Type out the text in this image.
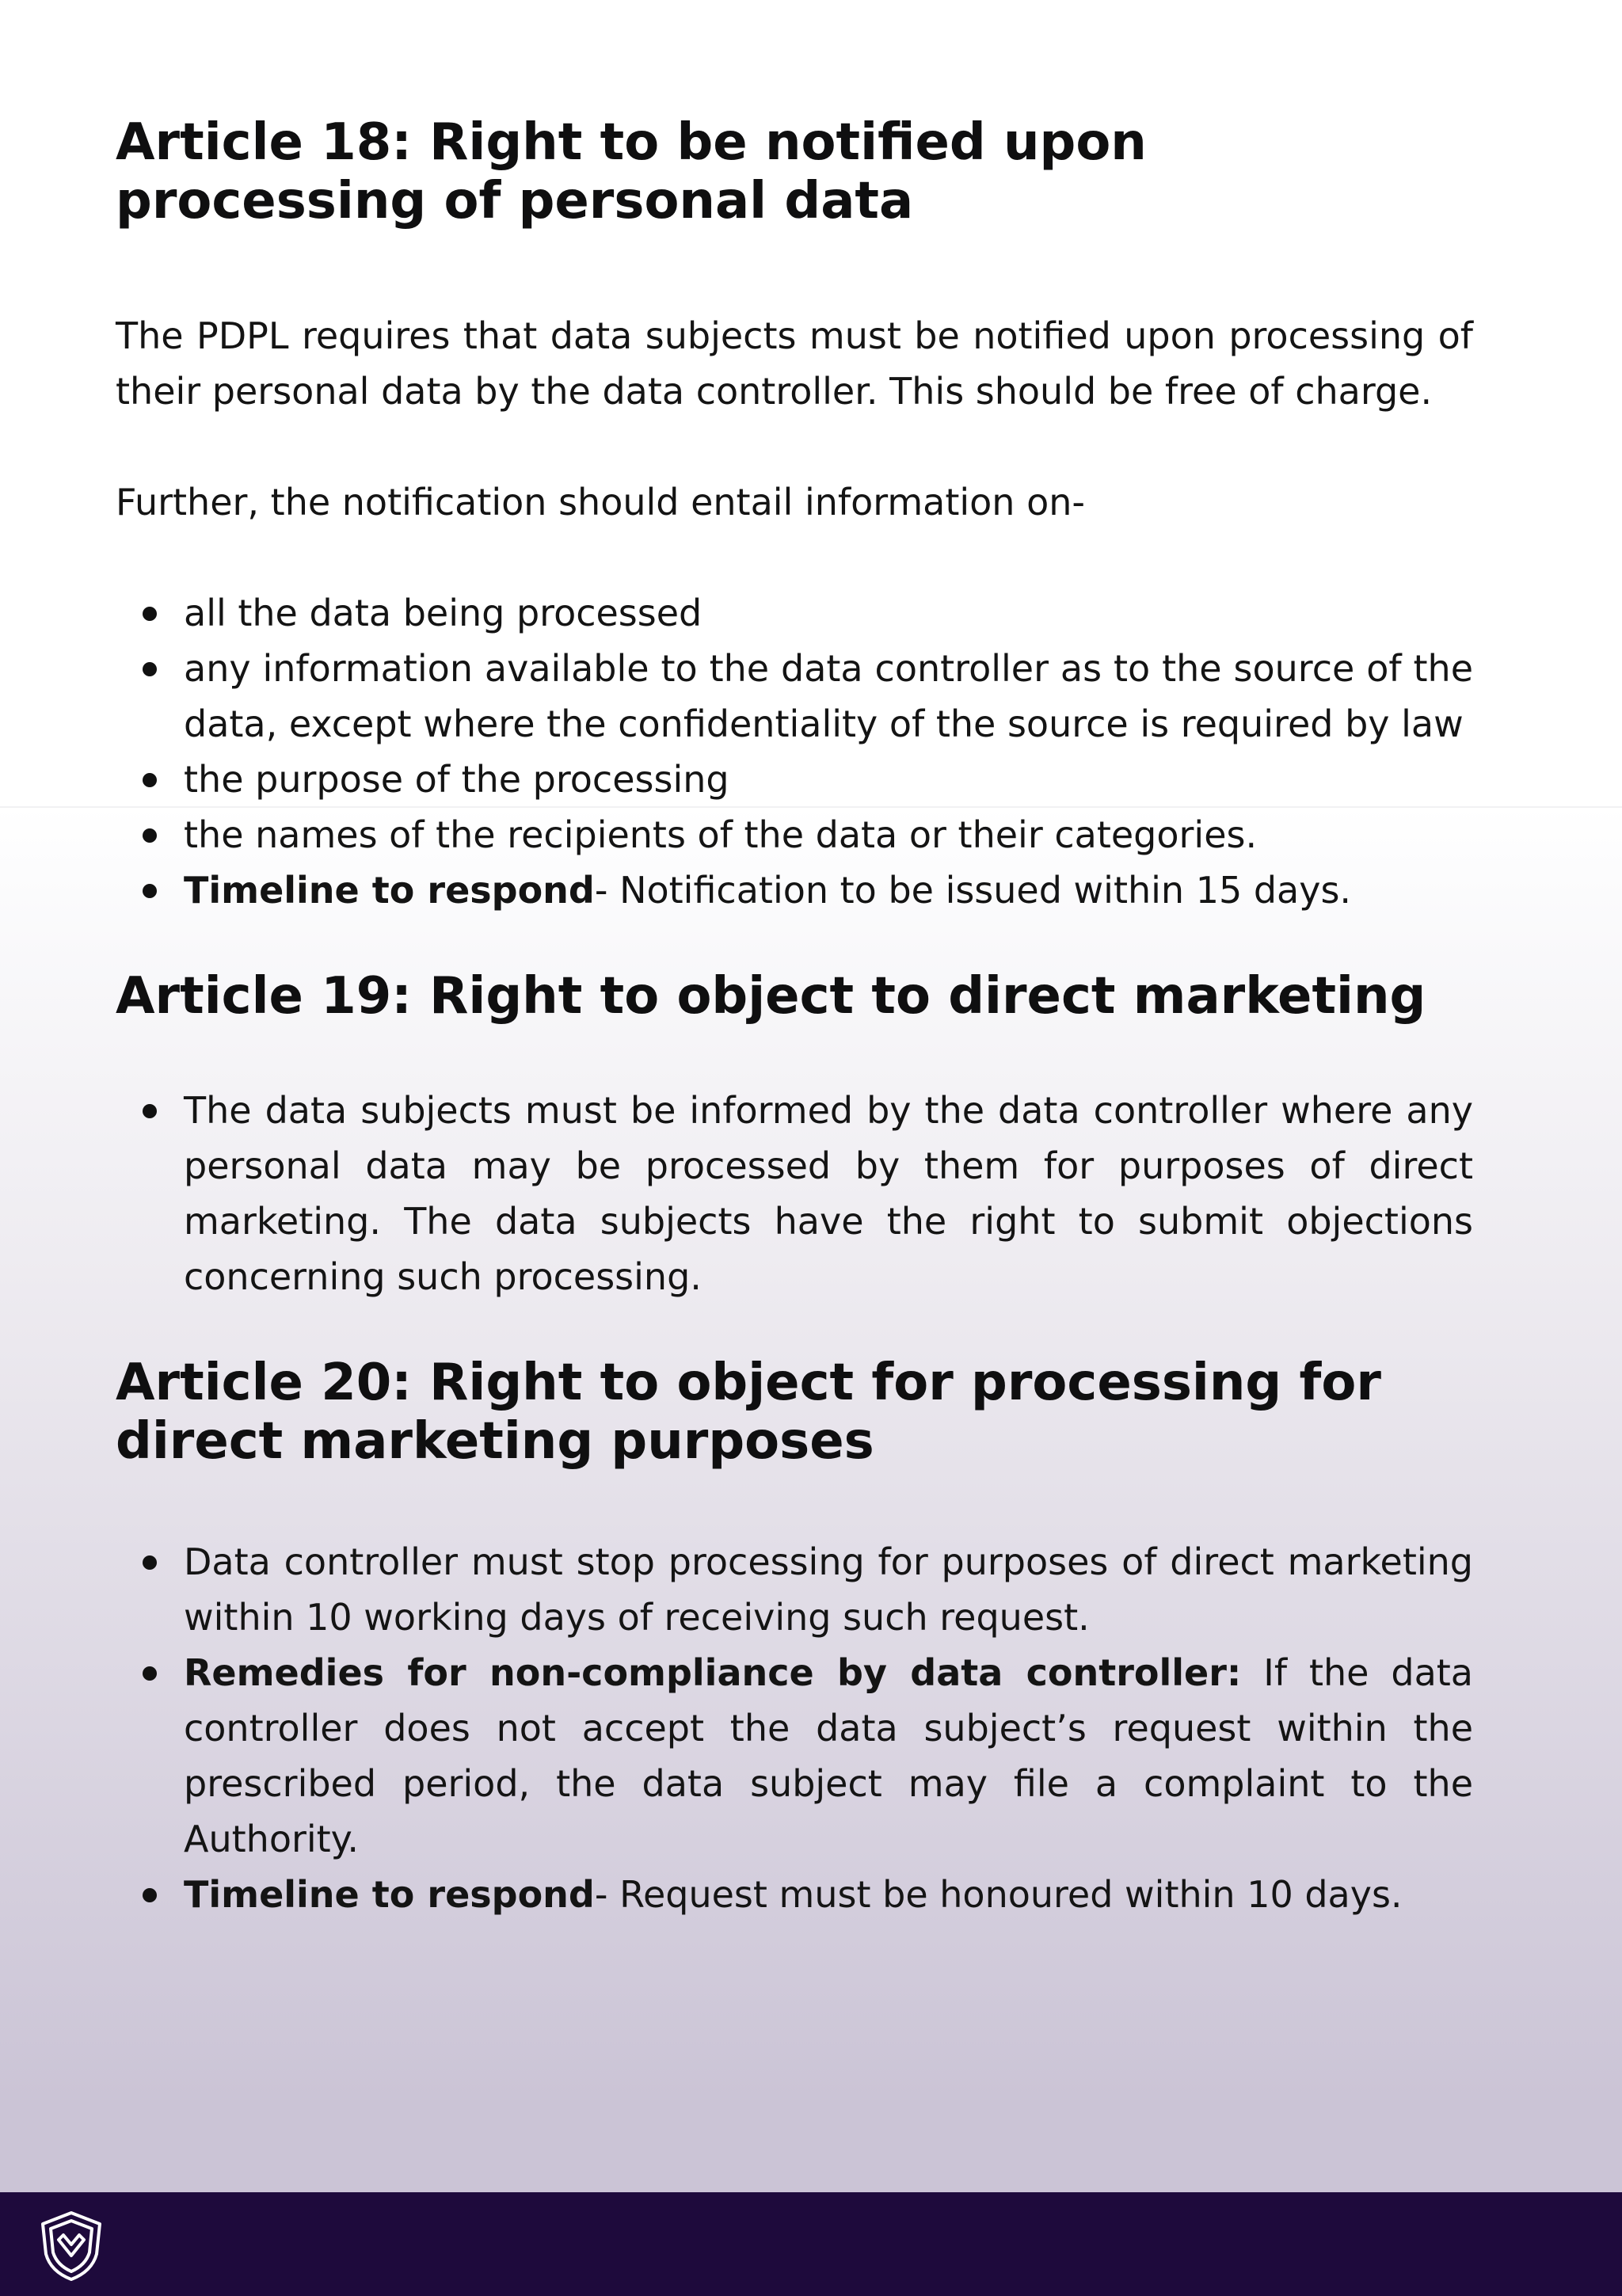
Article 18: Right to be notified upon processing of personal data

The PDPL requires that data subjects must be notified upon processing of their personal data by the data controller. This should be free of charge.

Further, the notification should entail information on-

all the data being processed
any information available to the data controller as to the source of the data, except where the confidentiality of the source is required by law
the purpose of the processing
the names of the recipients of the data or their categories.
Timeline to respond- Notification to be issued within 15 days.
Article 19: Right to object to direct marketing
The data subjects must be informed by the data controller where any personal data may be processed by them for purposes of direct marketing. The data subjects have the right to submit objections concerning such processing.
Article 20: Right to object for processing for direct marketing purposes
Data controller must stop processing for purposes of direct marketing within 10 working days of receiving such request.
Remedies for non-compliance by data controller: If the data controller does not accept the data subject’s request within the prescribed period, the data subject may file a complaint to the Authority.
Timeline to respond- Request must be honoured within 10 days.
